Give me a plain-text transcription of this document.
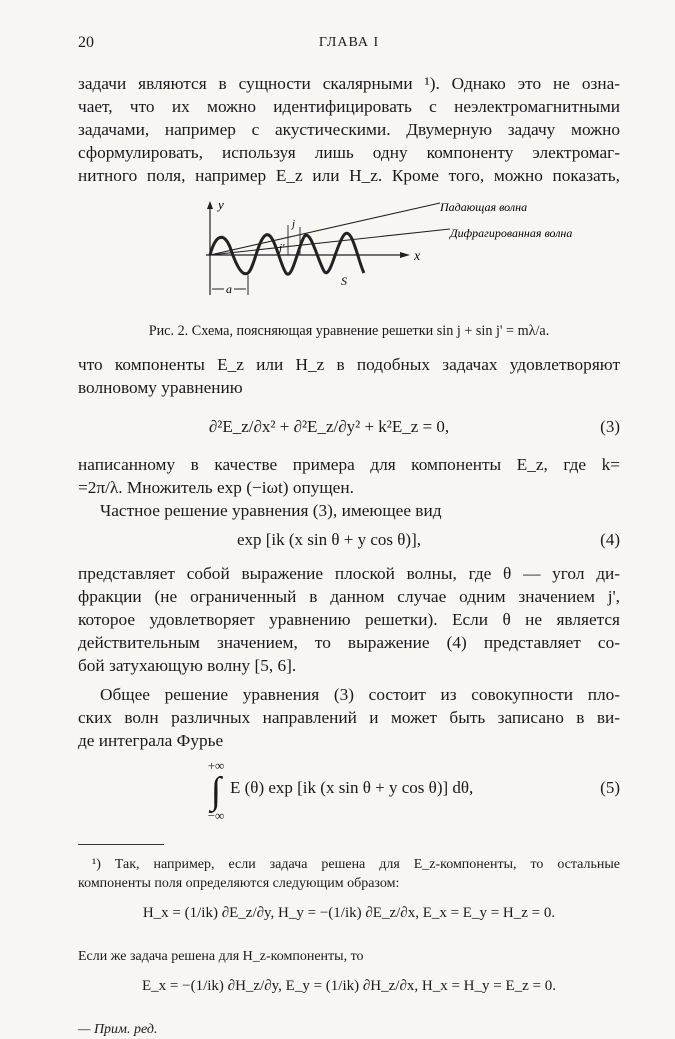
20	ГЛАВА I
задачи являются в сущности скалярными ¹). Однако это не озна-
чает, что их можно идентифицировать с неэлектромагнитными
задачами, например с акустическими. Двумерную задачу можно
сформулировать, используя лишь одну компоненту электромаг-
нитного поля, например E_z или H_z. Кроме того, можно показать,
y
x
Падающая волна
Дифрагированная волна
j
j'
S
a
Рис. 2. Схема, поясняющая уравнение решетки sin j + sin j' = mλ/a.
что компоненты E_z или H_z в подобных задачах удовлетворяют
волновому уравнению
∂²E_z/∂x² + ∂²E_z/∂y² + k²E_z = 0,	(3)
написанному в качестве примера для компоненты E_z, где k=
=2π/λ. Множитель exp (−iωt) опущен.
Частное решение уравнения (3), имеющее вид
exp [ik (x sin θ + y cos θ)],	(4)
представляет собой выражение плоской волны, где θ — угол ди-
фракции (не ограниченный в данном случае одним значением j',
которое удовлетворяет уравнению решетки). Если θ не является
действительным значением, то выражение (4) представляет со-
бой затухающую волну [5, 6].
Общее решение уравнения (3) состоит из совокупности пло-
ских волн различных направлений и может быть записано в ви-
де интеграла Фурье
+∞
∫
−∞
E (θ) exp [ik (x sin θ + y cos θ)] dθ,	(5)
¹) Так, например, если задача решена для E_z-компоненты, то остальные
компоненты поля определяются следующим образом:
H_x = (1/ik) ∂E_z/∂y, H_y = −(1/ik) ∂E_z/∂x, E_x = E_y = H_z = 0.
Если же задача решена для H_z-компоненты, то
E_x = −(1/ik) ∂H_z/∂y, E_y = (1/ik) ∂H_z/∂x, H_x = H_y = E_z = 0.
— Прим. ред.
